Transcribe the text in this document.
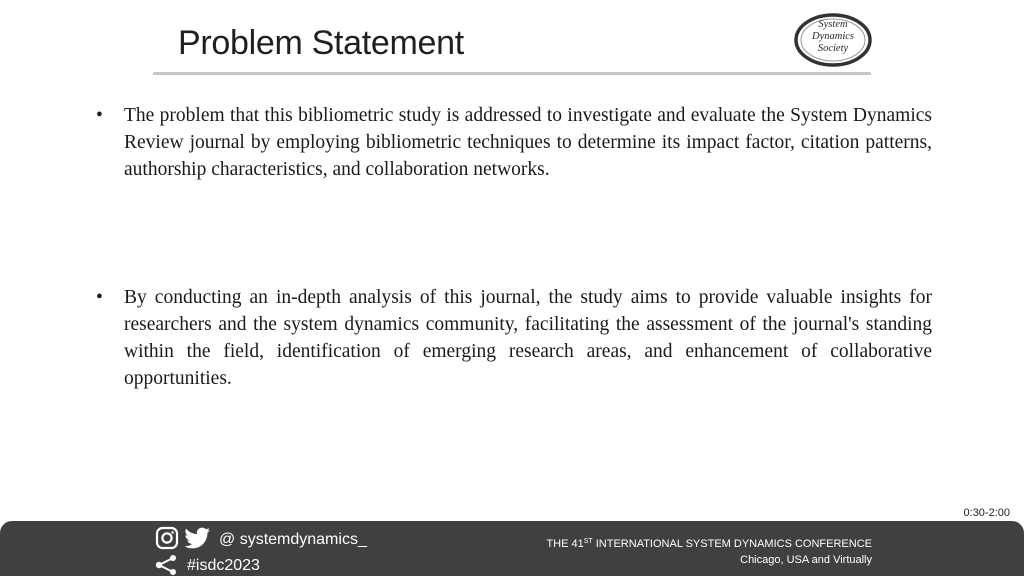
Problem Statement	System
Dynamics
Society
• The problem that this bibliometric study is addressed to investigate and evaluate the System Dynamics Review journal by employing bibliometric techniques to determine its impact factor, citation patterns, authorship characteristics, and collaboration networks.

• By conducting an in-depth analysis of this journal, the study aims to provide valuable insights for researchers and the system dynamics community, facilitating the assessment of the journal's standing within the field, identification of emerging research areas, and enhancement of collaborative opportunities.

0:30-2:00
@ systemdynamics_
#isdc2023
THE 41ST INTERNATIONAL SYSTEM DYNAMICS CONFERENCE
Chicago, USA and Virtually
